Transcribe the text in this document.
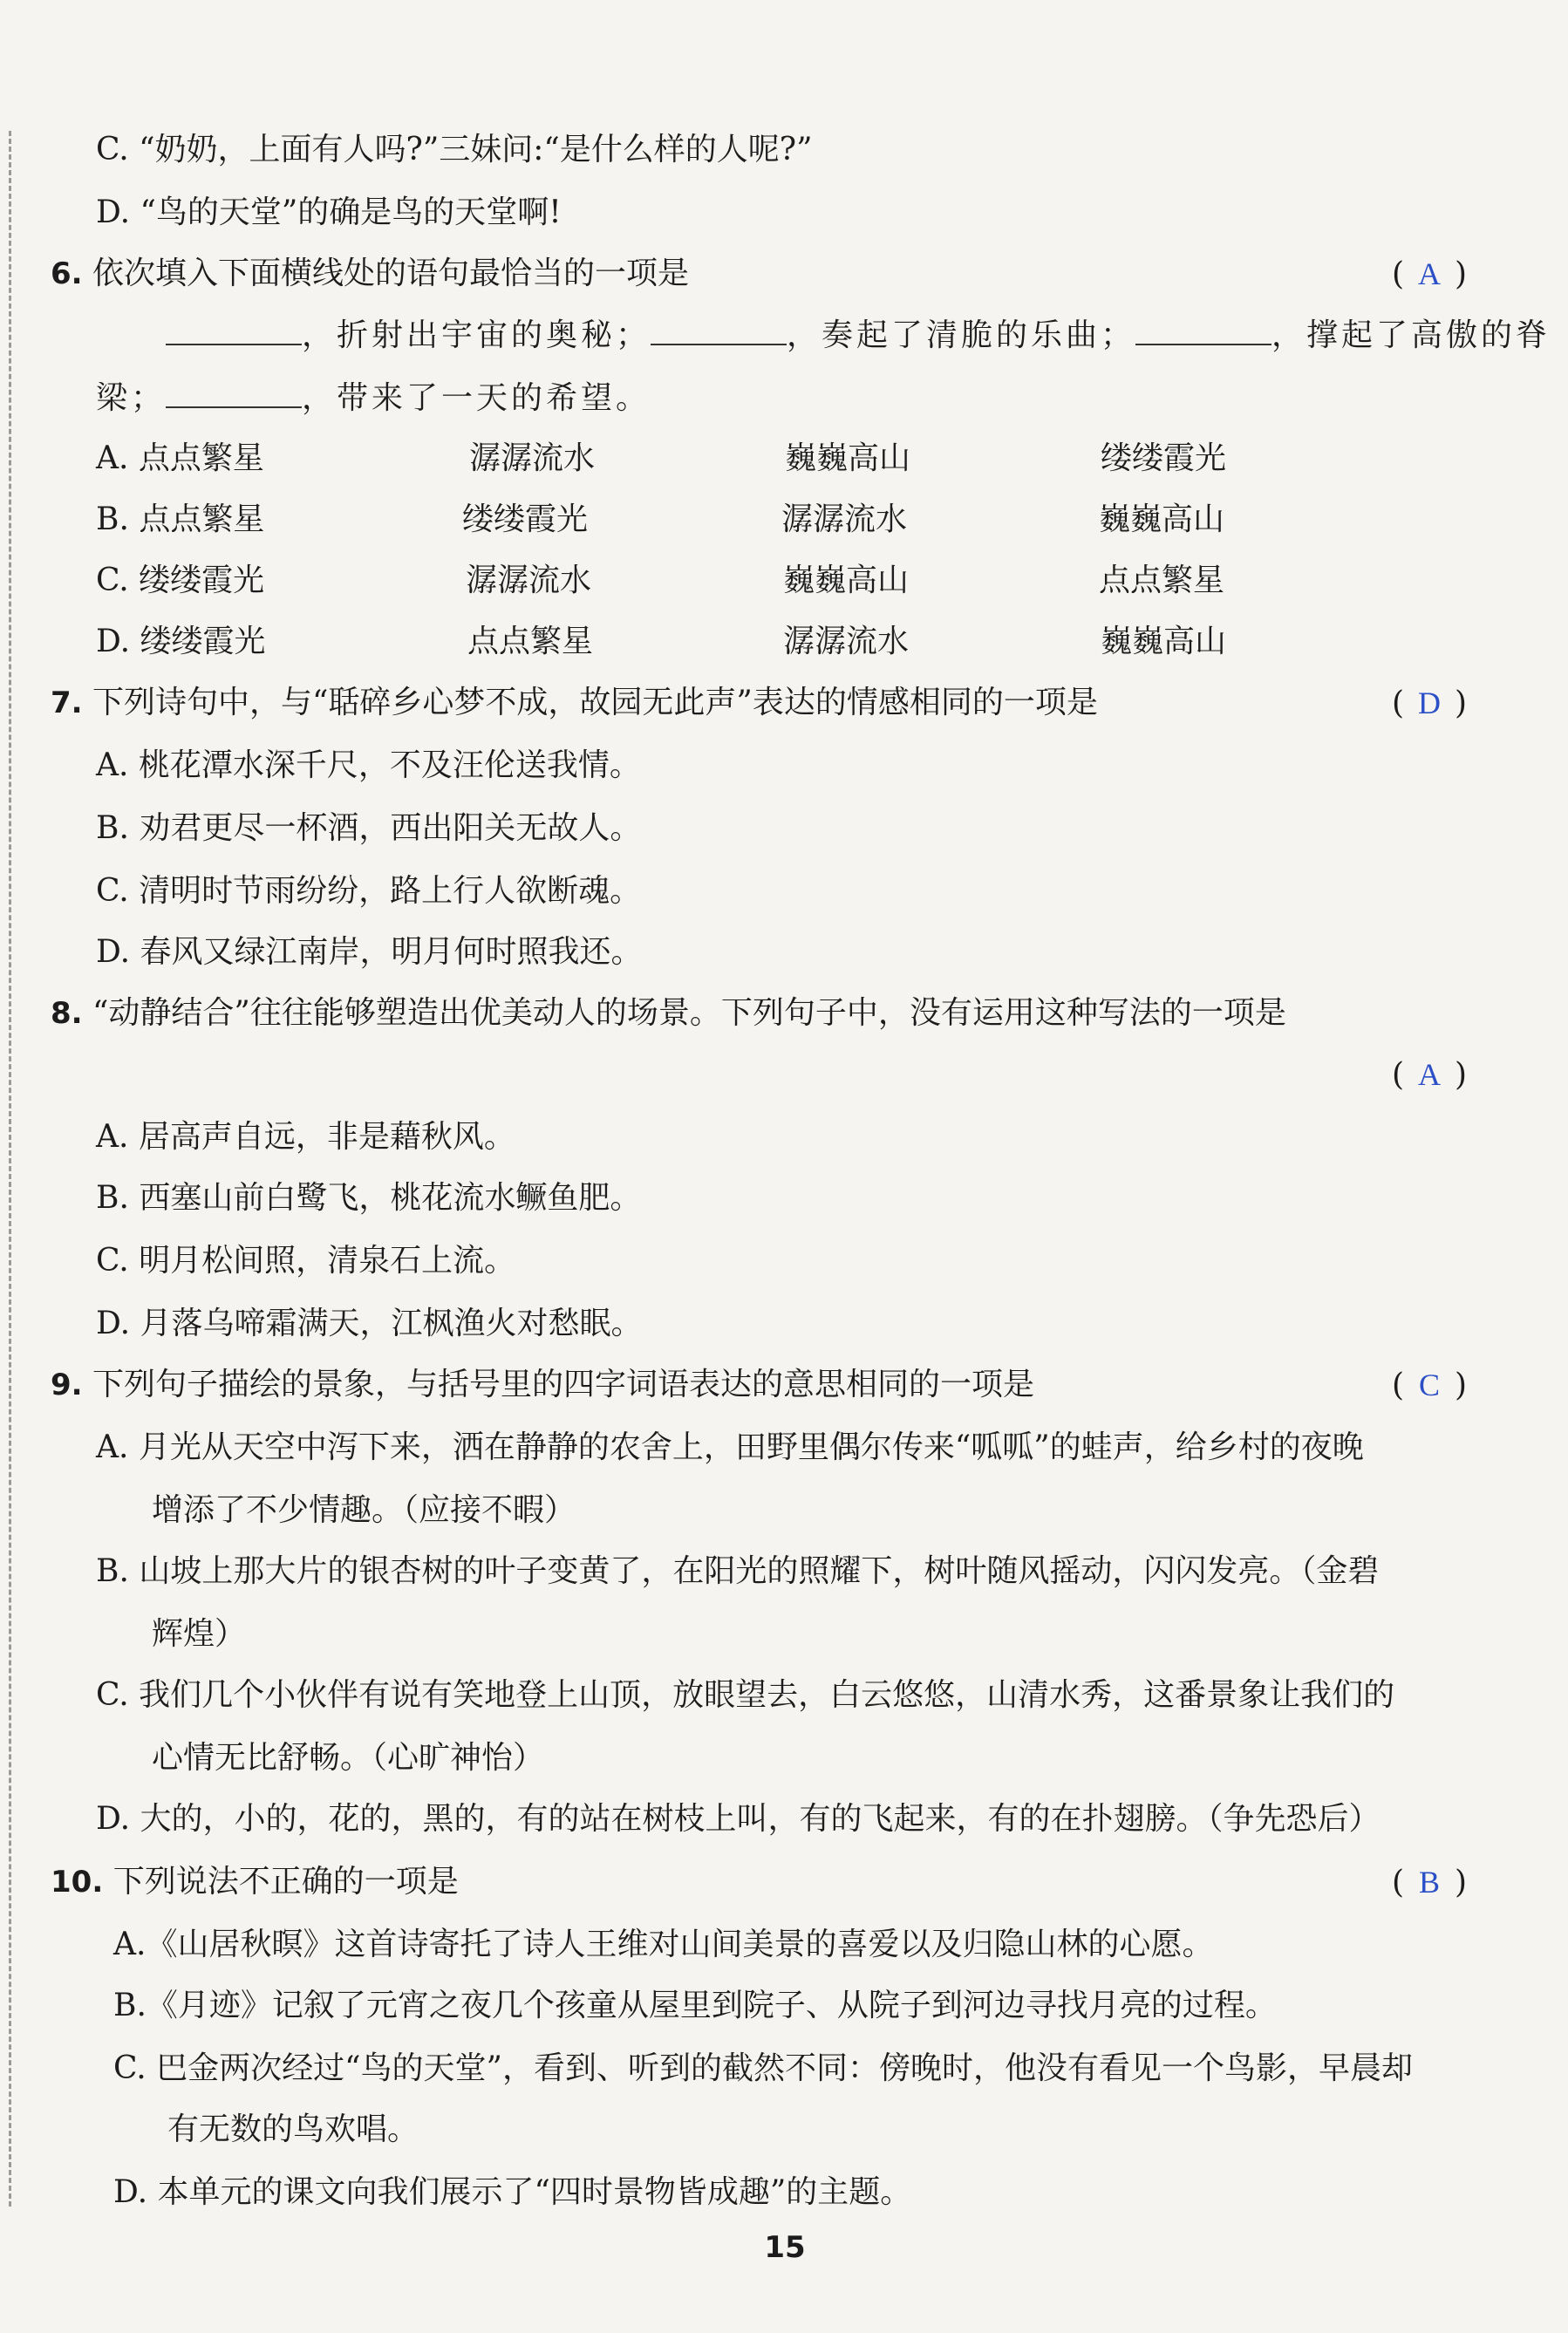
C. “奶奶，上面有人吗?”三妹问:“是什么样的人呢?”
D. “鸟的天堂”的确是鸟的天堂啊!
6. 依次填入下面横线处的语句最恰当的一项是	( A )
，折射出宇宙的奥秘；	，奏起了清脆的乐曲；	，撑起了高傲的脊
梁；	，带来了一天的希望。
A. 点点繁星	潺潺流水	巍巍高山	缕缕霞光
B. 点点繁星	缕缕霞光	潺潺流水	巍巍高山
C. 缕缕霞光	潺潺流水	巍巍高山	点点繁星
D. 缕缕霞光	点点繁星	潺潺流水	巍巍高山
7. 下列诗句中，与“聒碎乡心梦不成，故园无此声”表达的情感相同的一项是	( D )
A. 桃花潭水深千尺，不及汪伦送我情。
B. 劝君更尽一杯酒，西出阳关无故人。
C. 清明时节雨纷纷，路上行人欲断魂。
D. 春风又绿江南岸，明月何时照我还。
8. “动静结合”往往能够塑造出优美动人的场景。下列句子中，没有运用这种写法的一项是
( A )
A. 居高声自远，非是藉秋风。
B. 西塞山前白鹭飞，桃花流水鳜鱼肥。
C. 明月松间照，清泉石上流。
D. 月落乌啼霜满天，江枫渔火对愁眠。
9. 下列句子描绘的景象，与括号里的四字词语表达的意思相同的一项是	( C )
A. 月光从天空中泻下来，洒在静静的农舍上，田野里偶尔传来“呱呱”的蛙声，给乡村的夜晚
增添了不少情趣。（应接不暇）
B. 山坡上那大片的银杏树的叶子变黄了，在阳光的照耀下，树叶随风摇动，闪闪发亮。（金碧
辉煌）
C. 我们几个小伙伴有说有笑地登上山顶，放眼望去，白云悠悠，山清水秀，这番景象让我们的
心情无比舒畅。（心旷神怡）
D. 大的，小的，花的，黑的，有的站在树枝上叫，有的飞起来，有的在扑翅膀。（争先恐后）
10. 下列说法不正确的一项是	( B )
A.《山居秋暝》这首诗寄托了诗人王维对山间美景的喜爱以及归隐山林的心愿。
B.《月迹》记叙了元宵之夜几个孩童从屋里到院子、从院子到河边寻找月亮的过程。
C. 巴金两次经过“鸟的天堂”，看到、听到的截然不同：傍晚时，他没有看见一个鸟影，早晨却
有无数的鸟欢唱。
D. 本单元的课文向我们展示了“四时景物皆成趣”的主题。
15
